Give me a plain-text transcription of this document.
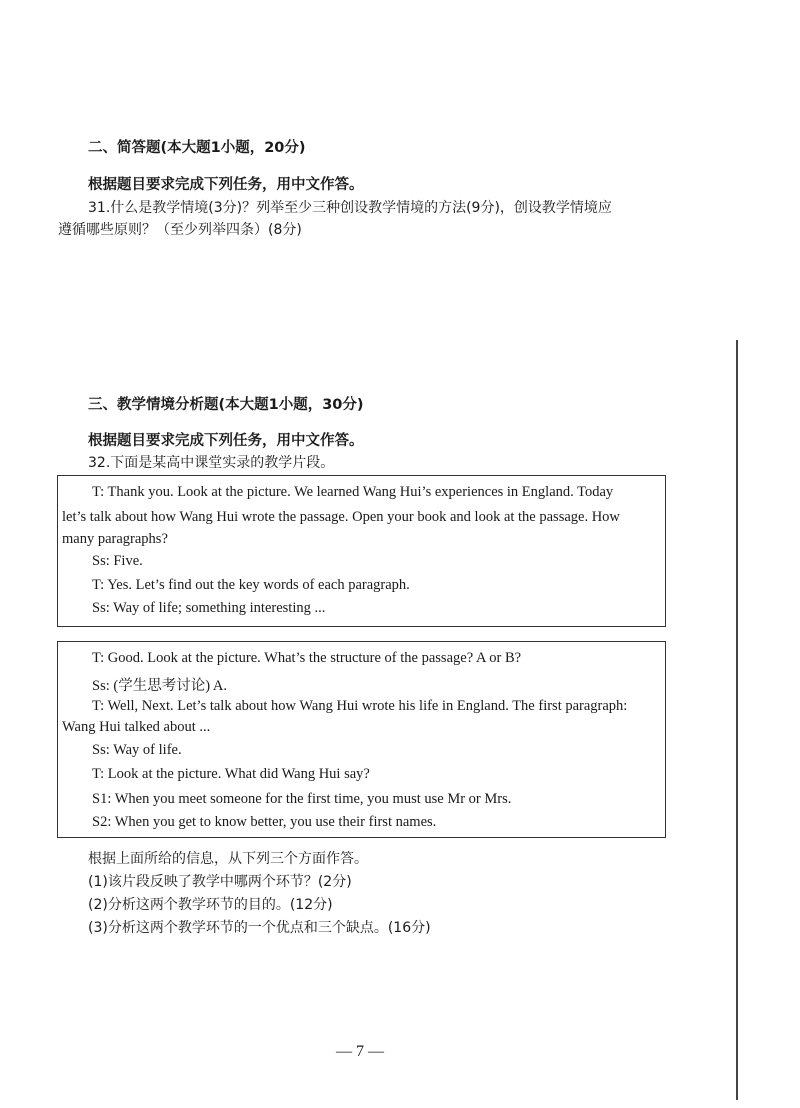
二、简答题(本大题1小题，20分)
根据题目要求完成下列任务，用中文作答。
31.什么是教学情境(3分)？列举至少三种创设教学情境的方法(9分)，创设教学情境应
遵循哪些原则？（至少列举四条）(8分)
三、教学情境分析题(本大题1小题，30分)
根据题目要求完成下列任务，用中文作答。
32.下面是某高中课堂实录的教学片段。
T: Thank you. Look at the picture. We learned Wang Hui’s experiences in England. Today
let’s talk about how Wang Hui wrote the passage. Open your book and look at the passage. How
many paragraphs?
Ss: Five.
T: Yes. Let’s find out the key words of each paragraph.
Ss: Way of life; something interesting ...
T: Good. Look at the picture. What’s the structure of the passage? A or B?
Ss: (学生思考讨论) A.
T: Well, Next. Let’s talk about how Wang Hui wrote his life in England. The first paragraph:
Wang Hui talked about ...
Ss: Way of life.
T: Look at the picture. What did Wang Hui say?
S1: When you meet someone for the first time, you must use Mr or Mrs.
S2: When you get to know better, you use their first names.
根据上面所给的信息，从下列三个方面作答。
(1)该片段反映了教学中哪两个环节？(2分)
(2)分析这两个教学环节的目的。(12分)
(3)分析这两个教学环节的一个优点和三个缺点。(16分)
— 7 —
